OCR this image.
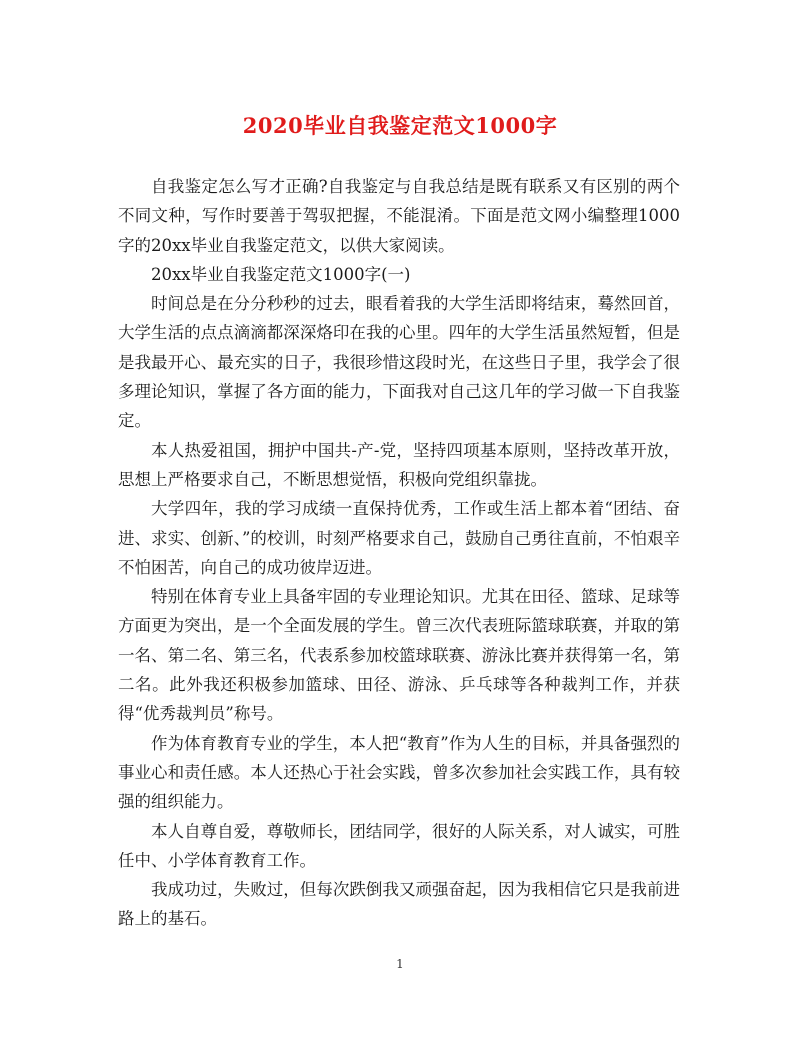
2020毕业自我鉴定范文1000字

自我鉴定怎么写才正确?自我鉴定与自我总结是既有联系又有区别的两个不同文种，写作时要善于驾驭把握，不能混淆。下面是范文网小编整理1000字的20xx毕业自我鉴定范文，以供大家阅读。

20xx毕业自我鉴定范文1000字(一)

时间总是在分分秒秒的过去，眼看着我的大学生活即将结束，蓦然回首，大学生活的点点滴滴都深深烙印在我的心里。四年的大学生活虽然短暂，但是是我最开心、最充实的日子，我很珍惜这段时光，在这些日子里，我学会了很多理论知识，掌握了各方面的能力，下面我对自己这几年的学习做一下自我鉴定。

本人热爱祖国，拥护中国共-产-党，坚持四项基本原则，坚持改革开放，思想上严格要求自己，不断思想觉悟，积极向党组织靠拢。

大学四年，我的学习成绩一直保持优秀，工作或生活上都本着“团结、奋进、求实、创新、”的校训，时刻严格要求自己，鼓励自己勇往直前，不怕艰辛不怕困苦，向自己的成功彼岸迈进。

特别在体育专业上具备牢固的专业理论知识。尤其在田径、篮球、足球等方面更为突出，是一个全面发展的学生。曾三次代表班际篮球联赛，并取的第一名、第二名、第三名，代表系参加校篮球联赛、游泳比赛并获得第一名，第二名。此外我还积极参加篮球、田径、游泳、乒乓球等各种裁判工作，并获得“优秀裁判员”称号。

作为体育教育专业的学生，本人把“教育”作为人生的目标，并具备强烈的事业心和责任感。本人还热心于社会实践，曾多次参加社会实践工作，具有较强的组织能力。

本人自尊自爱，尊敬师长，团结同学，很好的人际关系，对人诚实，可胜任中、小学体育教育工作。

我成功过，失败过，但每次跌倒我又顽强奋起，因为我相信它只是我前进路上的基石。

1
